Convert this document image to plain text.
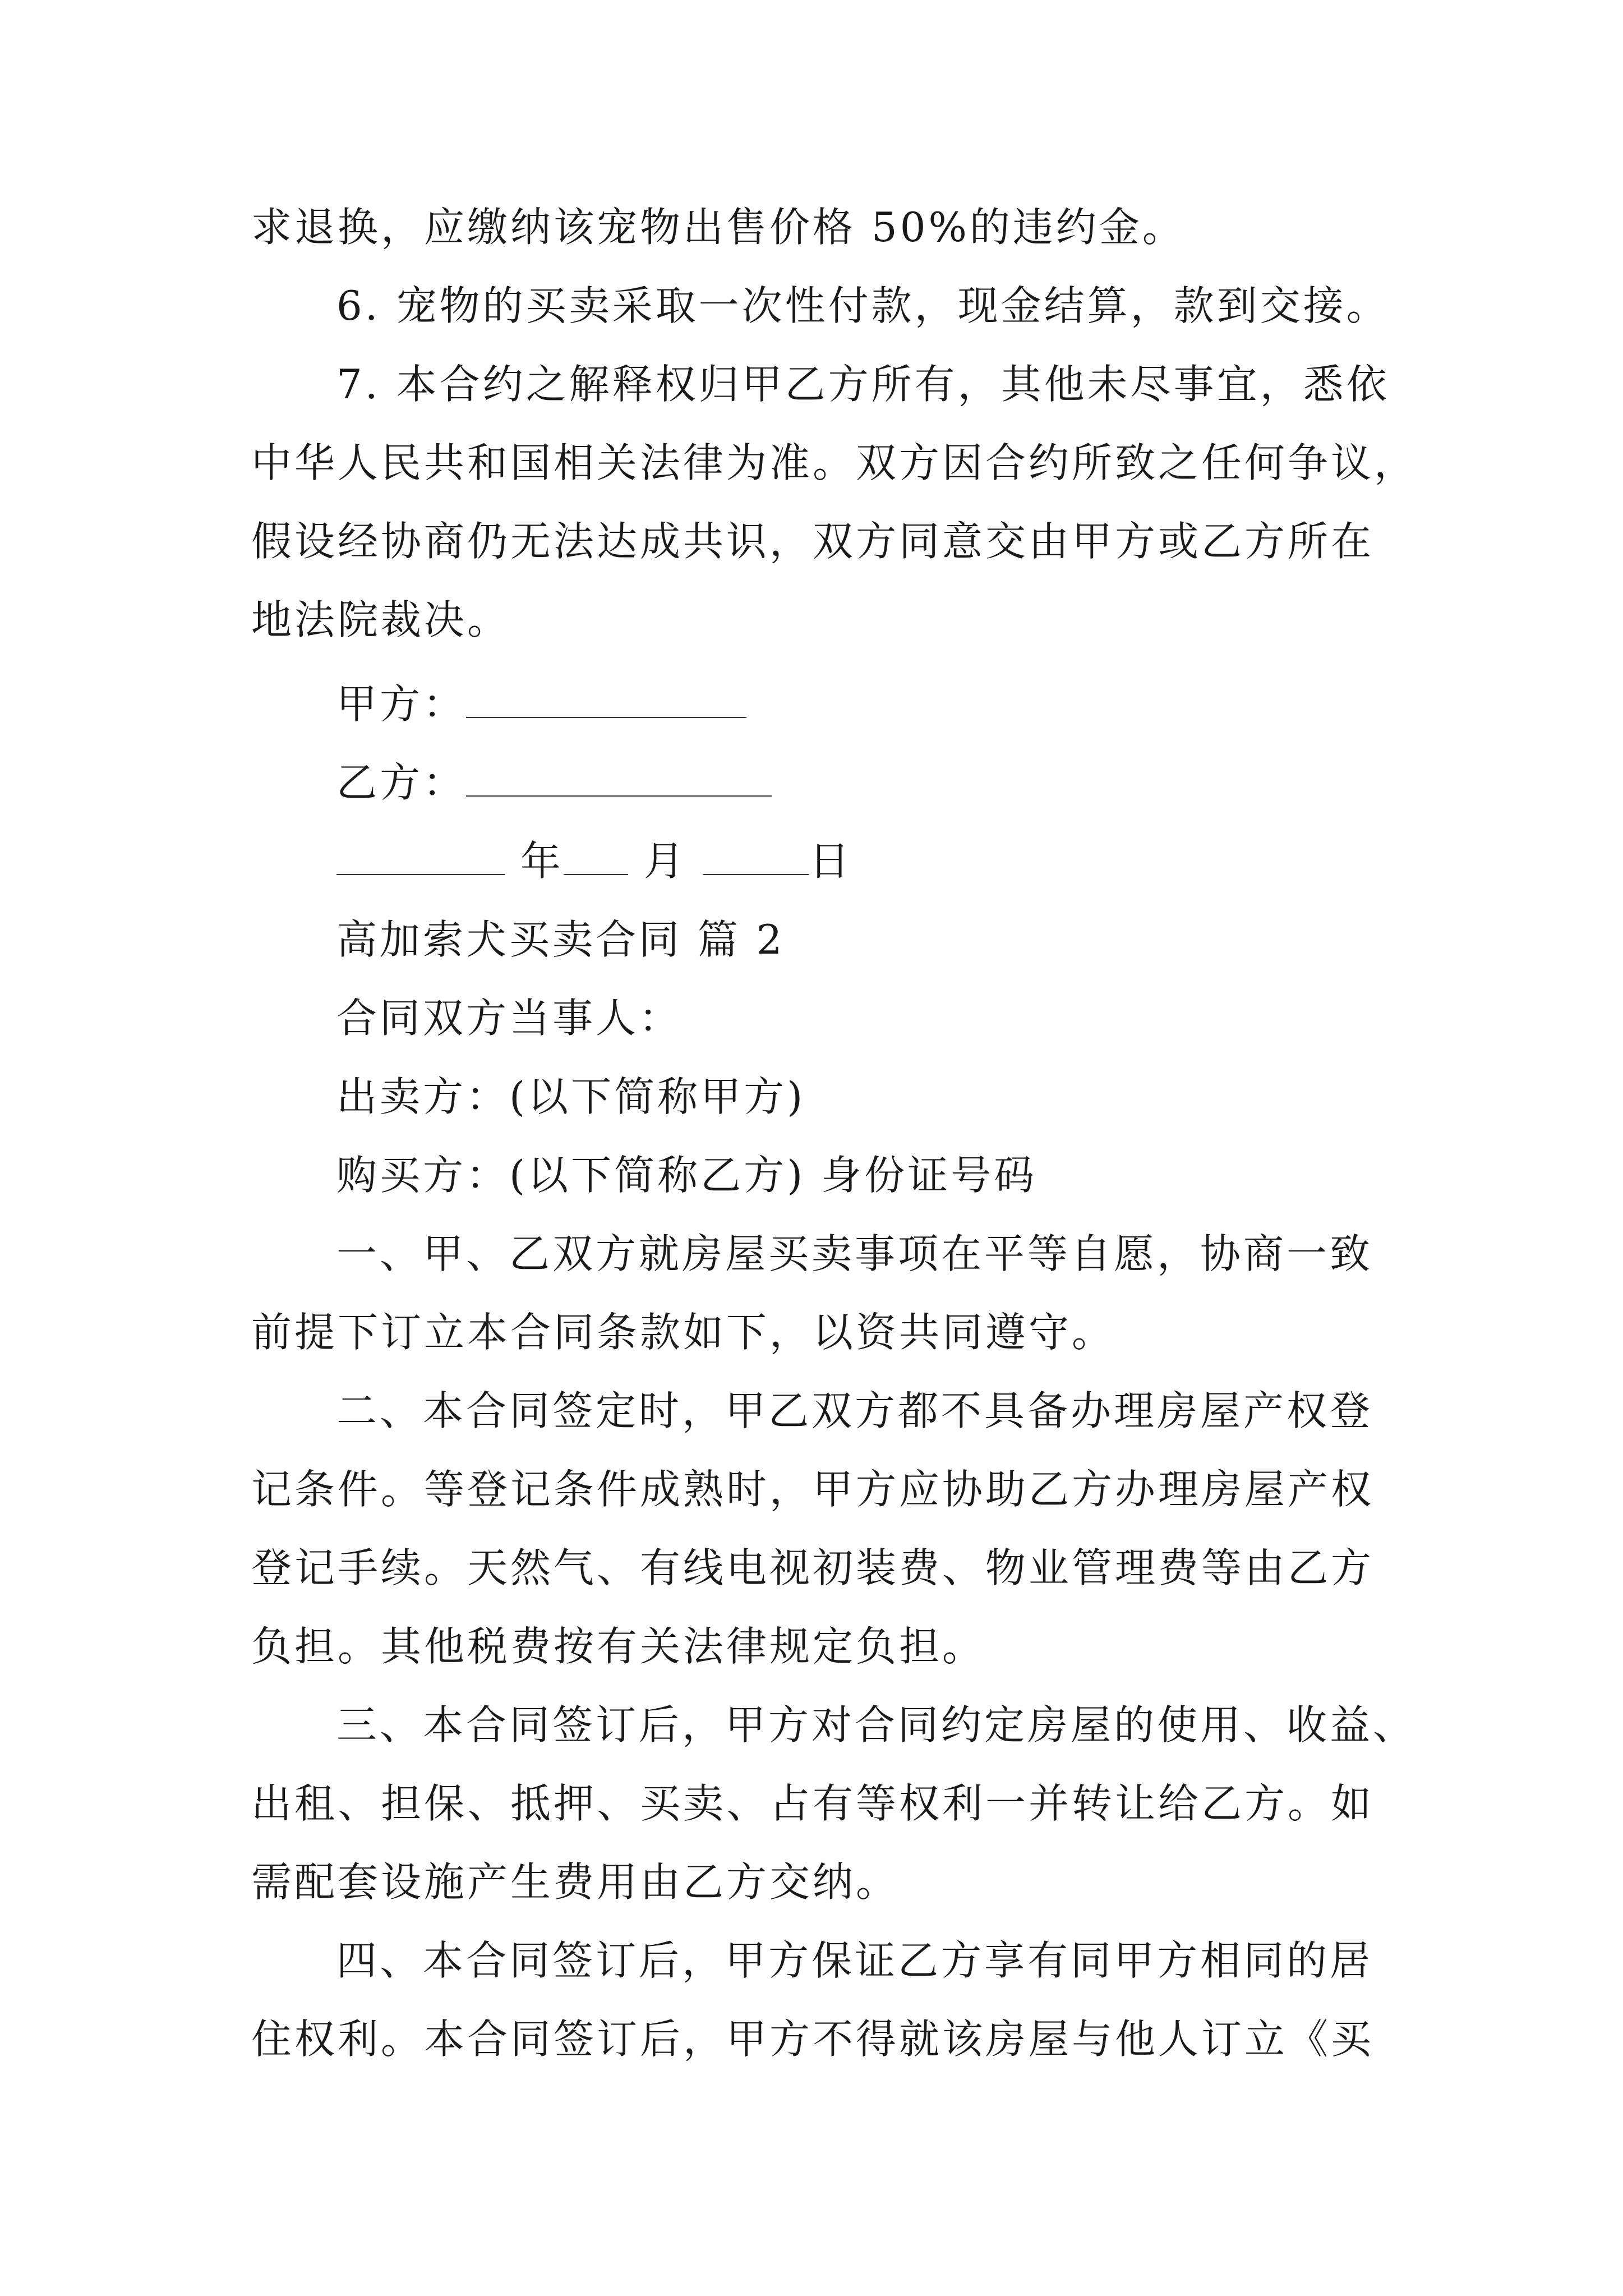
求退换，应缴纳该宠物出售价格 50%的违约金。
6. 宠物的买卖采取一次性付款，现金结算，款到交接。
7. 本合约之解释权归甲乙方所有，其他未尽事宜，悉依
中华人民共和国相关法律为准。双方因合约所致之任何争议，
假设经协商仍无法达成共识，双方同意交由甲方或乙方所在
地法院裁决。
甲方：
乙方：
年 月	日
高加索犬买卖合同 篇 2
合同双方当事人：
出卖方：(以下简称甲方)
购买方：(以下简称乙方) 身份证号码
一、甲、乙双方就房屋买卖事项在平等自愿，协商一致
前提下订立本合同条款如下，以资共同遵守。
二、本合同签定时，甲乙双方都不具备办理房屋产权登
记条件。等登记条件成熟时，甲方应协助乙方办理房屋产权
登记手续。天然气、有线电视初装费、物业管理费等由乙方
负担。其他税费按有关法律规定负担。
三、本合同签订后，甲方对合同约定房屋的使用、收益、
出租、担保、抵押、买卖、占有等权利一并转让给乙方。如
需配套设施产生费用由乙方交纳。
四、本合同签订后，甲方保证乙方享有同甲方相同的居
住权利。本合同签订后，甲方不得就该房屋与他人订立《买
